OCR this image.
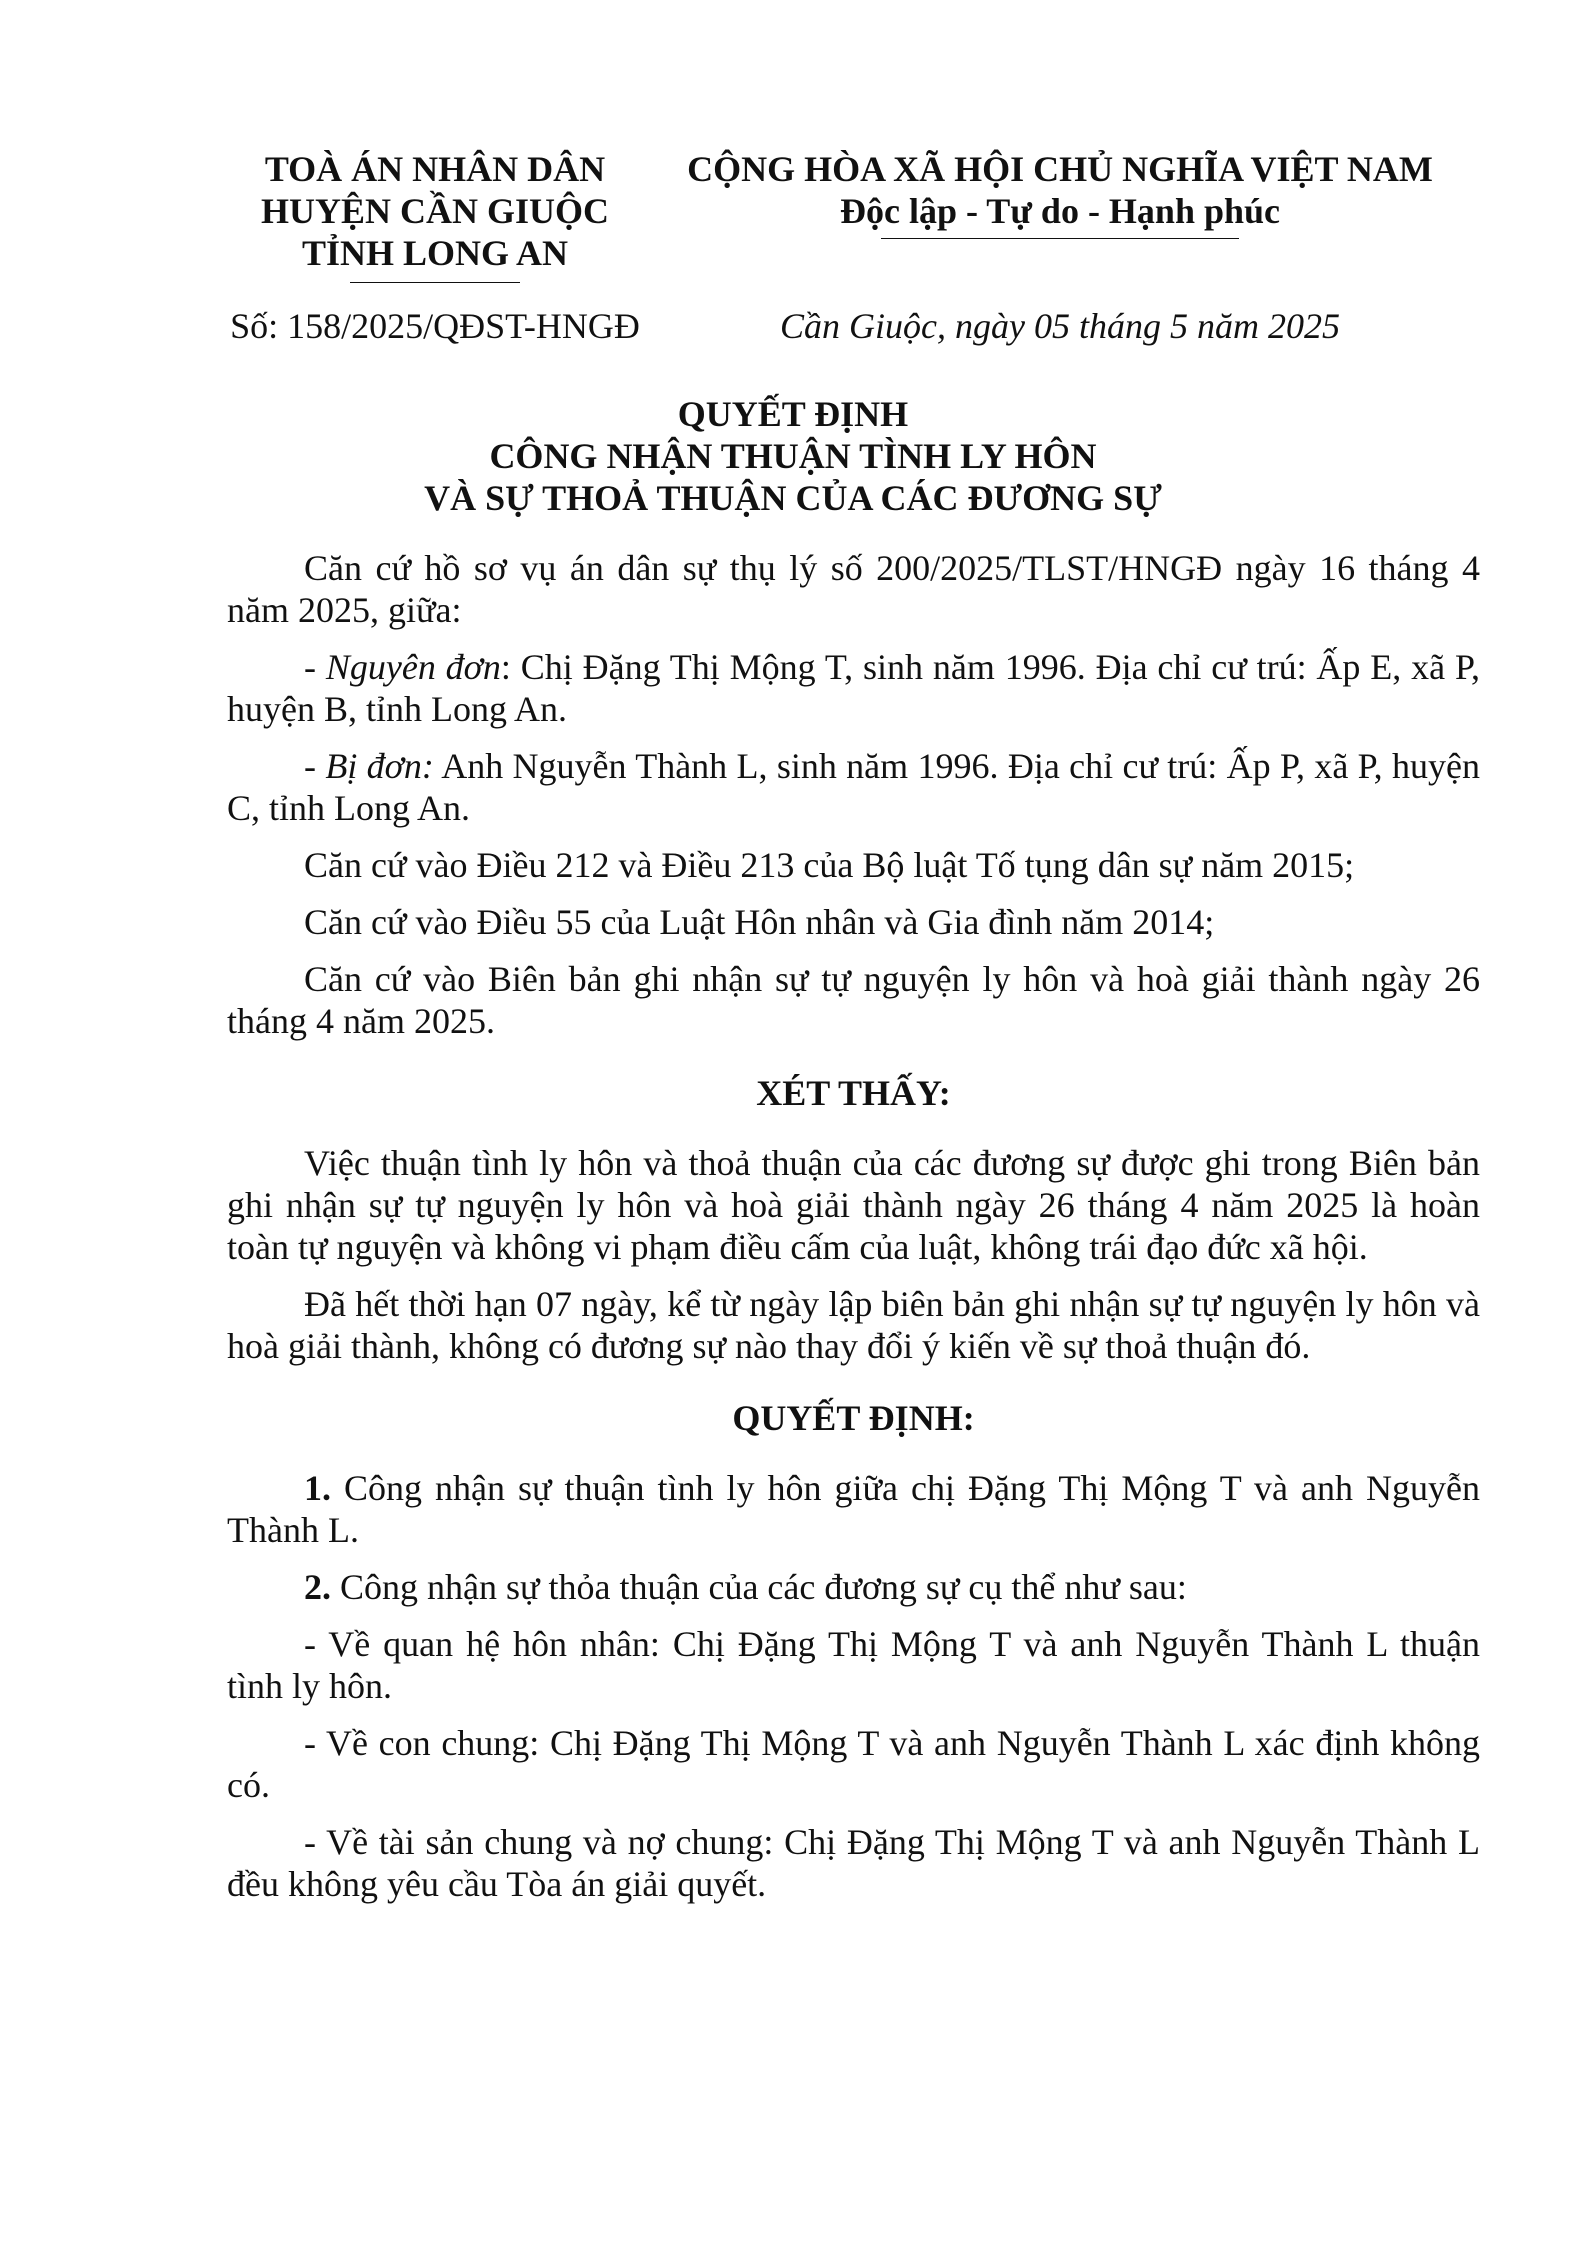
TOÀ ÁN NHÂN DÂN
HUYỆN CẦN GIUỘC
TỈNH LONG AN
CỘNG HÒA XÃ HỘI CHỦ NGHĨA VIỆT NAM
Độc lập - Tự do - Hạnh phúc
Số: 158/2025/QĐST-HNGĐ	Cần Giuộc, ngày 05 tháng 5 năm 2025
QUYẾT ĐỊNH
CÔNG NHẬN THUẬN TÌNH LY HÔN
VÀ SỰ THOẢ THUẬN CỦA CÁC ĐƯƠNG SỰ

Căn cứ hồ sơ vụ án dân sự thụ lý số 200/2025/TLST/HNGĐ ngày 16 tháng 4 năm 2025, giữa:

- Nguyên đơn: Chị Đặng Thị Mộng T, sinh năm 1996. Địa chỉ cư trú: Ấp E, xã P, huyện B, tỉnh Long An.

- Bị đơn: Anh Nguyễn Thành L, sinh năm 1996. Địa chỉ cư trú: Ấp P, xã P, huyện C, tỉnh Long An.

Căn cứ vào Điều 212 và Điều 213 của Bộ luật Tố tụng dân sự năm 2015;

Căn cứ vào Điều 55 của Luật Hôn nhân và Gia đình năm 2014;

Căn cứ vào Biên bản ghi nhận sự tự nguyện ly hôn và hoà giải thành ngày 26 tháng 4 năm 2025.

XÉT THẤY:

Việc thuận tình ly hôn và thoả thuận của các đương sự được ghi trong Biên bản ghi nhận sự tự nguyện ly hôn và hoà giải thành ngày 26 tháng 4 năm 2025 là hoàn toàn tự nguyện và không vi phạm điều cấm của luật, không trái đạo đức xã hội.

Đã hết thời hạn 07 ngày, kể từ ngày lập biên bản ghi nhận sự tự nguyện ly hôn và hoà giải thành, không có đương sự nào thay đổi ý kiến về sự thoả thuận đó.

QUYẾT ĐỊNH:

1. Công nhận sự thuận tình ly hôn giữa chị Đặng Thị Mộng T và anh Nguyễn Thành L.

2. Công nhận sự thỏa thuận của các đương sự cụ thể như sau:

- Về quan hệ hôn nhân: Chị Đặng Thị Mộng T và anh Nguyễn Thành L thuận tình ly hôn.

- Về con chung: Chị Đặng Thị Mộng T và anh Nguyễn Thành L xác định không có.

- Về tài sản chung và nợ chung: Chị Đặng Thị Mộng T và anh Nguyễn Thành L đều không yêu cầu Tòa án giải quyết.
